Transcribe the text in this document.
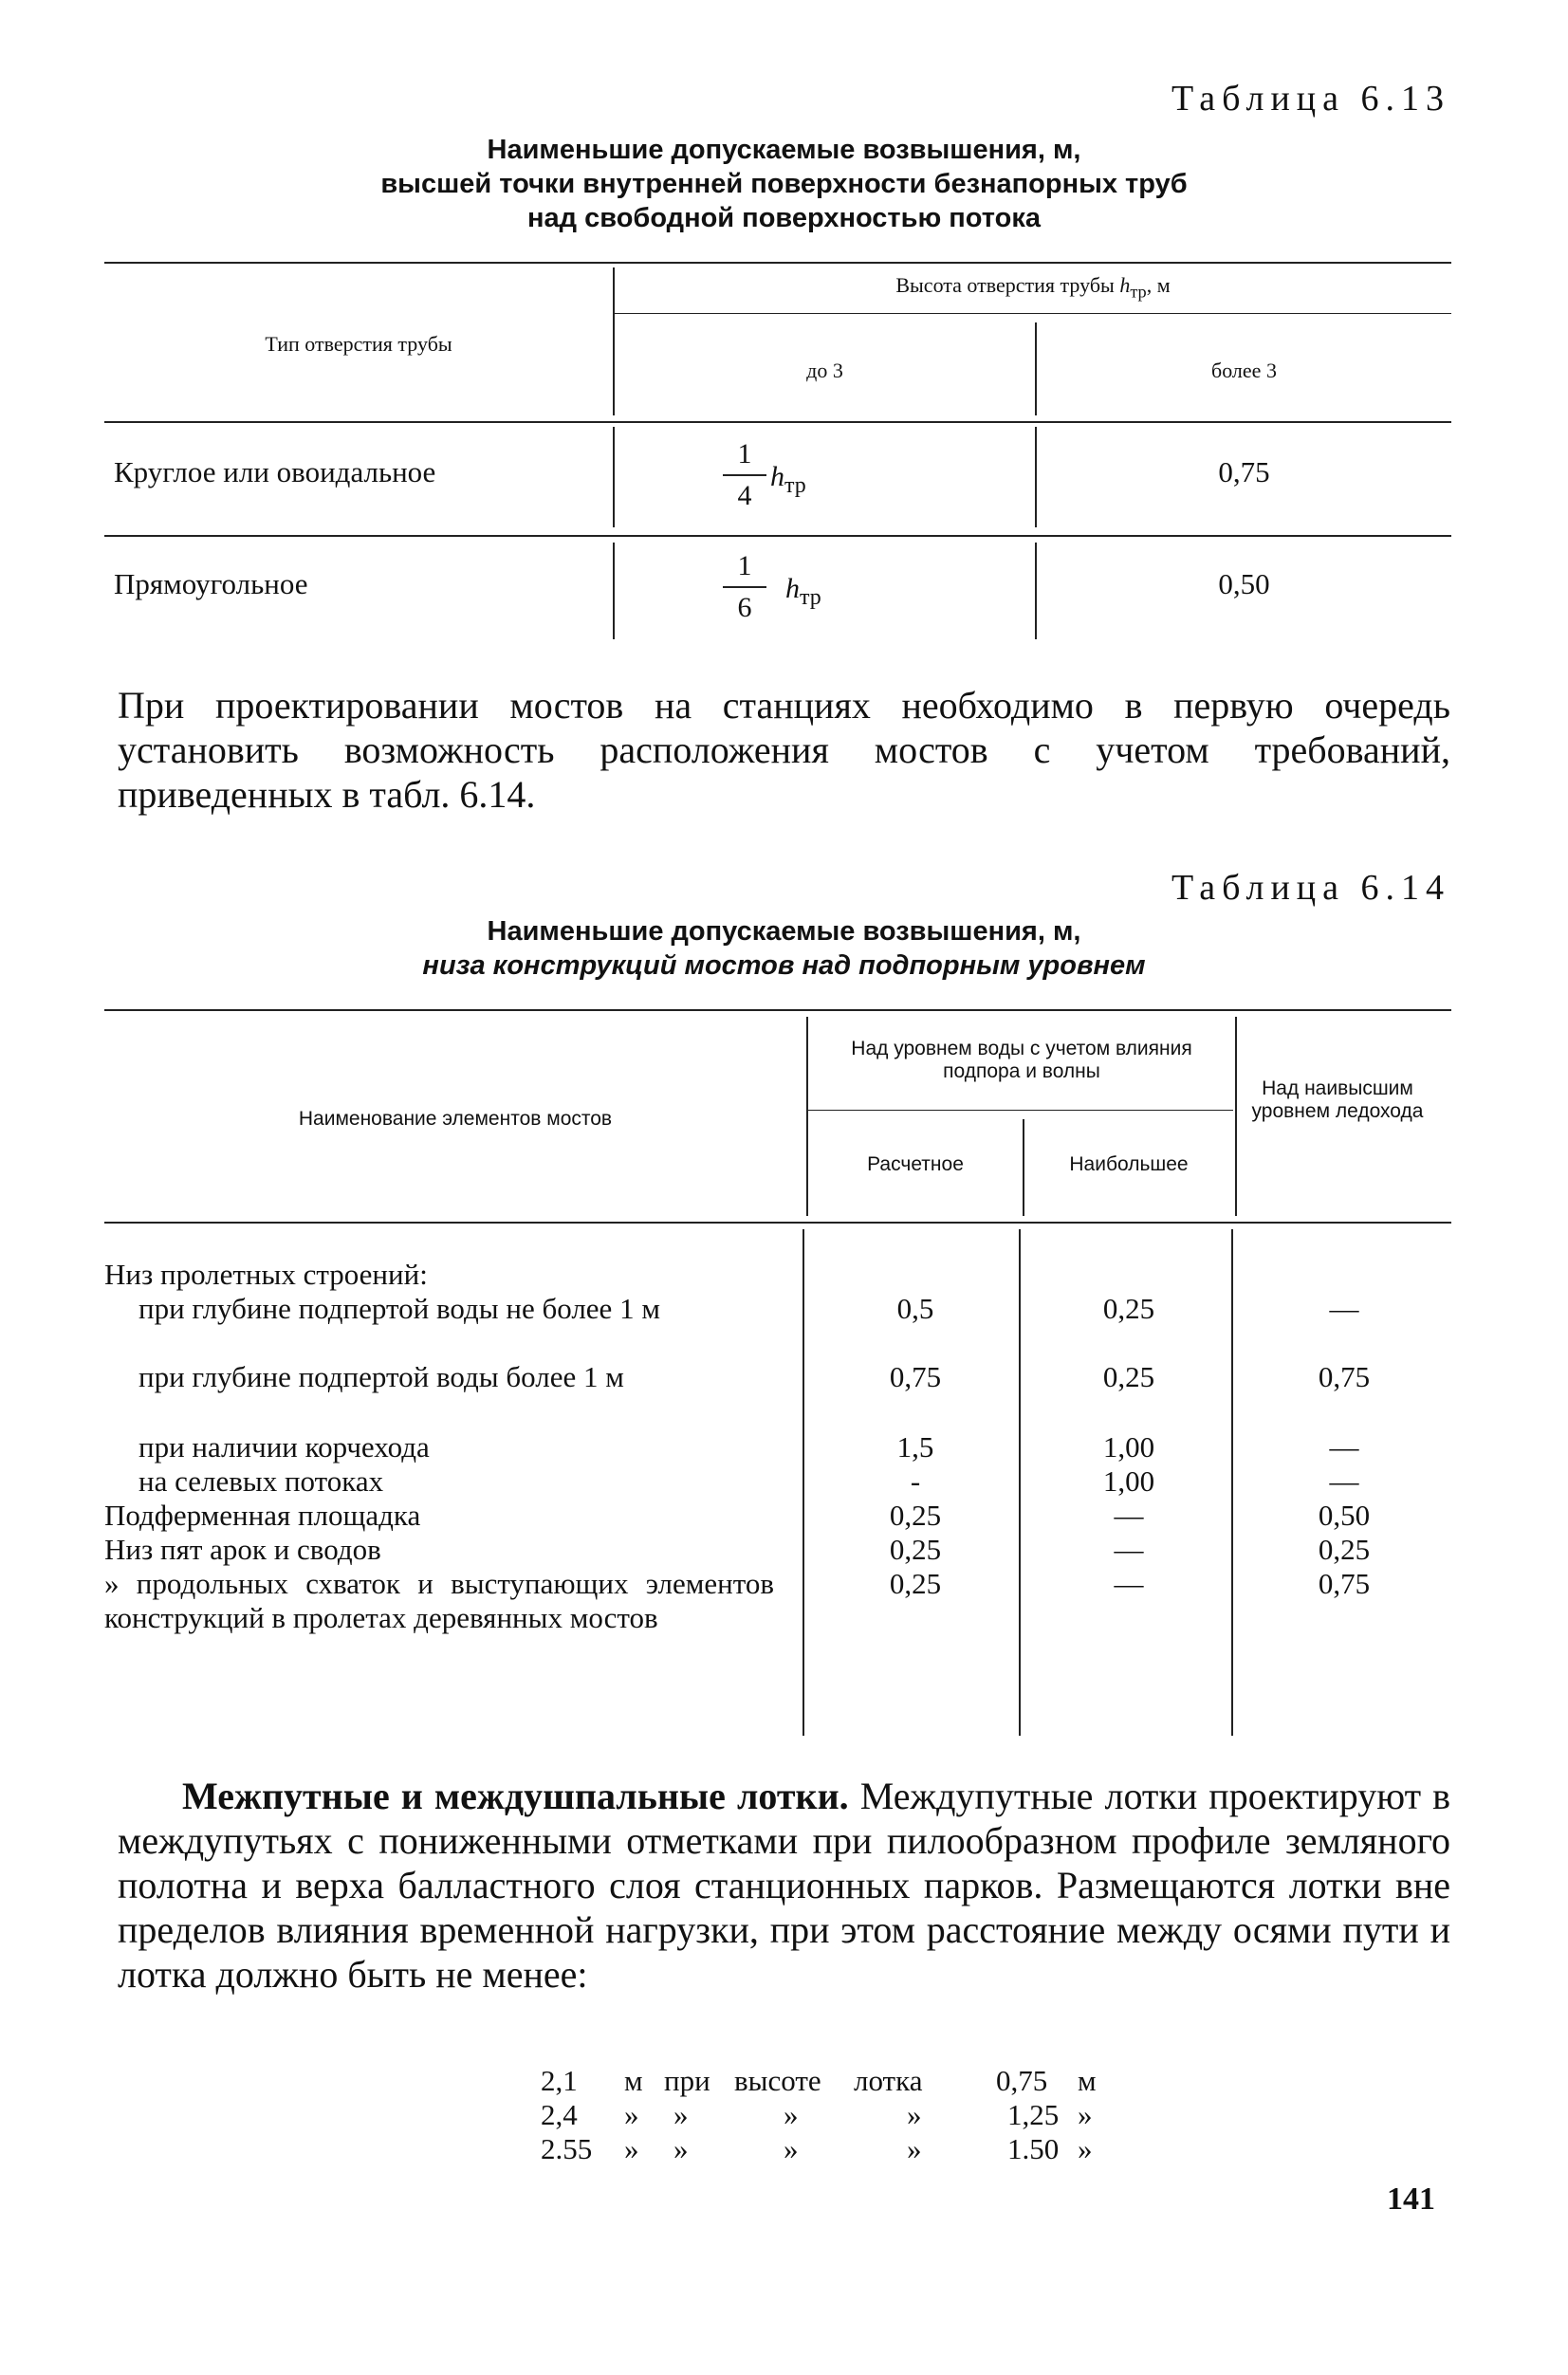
Таблица 6.13
Наименьшие допускаемые возвышения, м,
высшей точки внутренней поверхности безнапорных труб
над свободной поверхностью потока
Тип отверстия трубы
Высота отверстия трубы $h_{тр}$, м
до 3	более 3
Круглое или овоидальное
1
4
$h_{тр}$	0,75
Прямоугольное
1
6
$h_{тр}$	0,50
При проектировании мостов на станциях необходимо в первую очередь установить возможность расположения мостов с учетом требований, приведенных в табл. 6.14.
Таблица 6.14
Наименьшие допускаемые возвышения, м,
низа конструкций мостов над подпорным уровнем
Наименование элементов мостов
Над уровнем воды с учетом влияния подпора и волны
Расчетное	Наибольшее
Над наивысшим уровнем ледохода
Низ пролетных строений:
при глубине подпертой воды не более 1 м	0,5	0,25	—
при глубине подпертой воды более 1 м	0,75	0,25	0,75
при наличии корчехода	1,5	1,00	—
на селевых потоках	-	1,00	—
Подферменная площадка	0,25	—	0,50
Низ пят арок и сводов	0,25	—	0,25
» продольных схваток и выступающих элементов конструкций в пролетах деревянных мостов
0,25	—	0,75
Межпутные и междушпальные лотки. Междупутные лотки проектируют в междупутьях с пониженными отметками при пилообразном профиле земляного полотна и верха балластного слоя станционных парков. Размещаются лотки вне пределов влияния временной нагрузки, при этом расстояние между осями пути и лотка должно быть не менее:
2,1 м при высоте лотка	0,75 м
2,4 » »	»	»	1,25 »
2.55 » »	»	»	1.50 »
141
